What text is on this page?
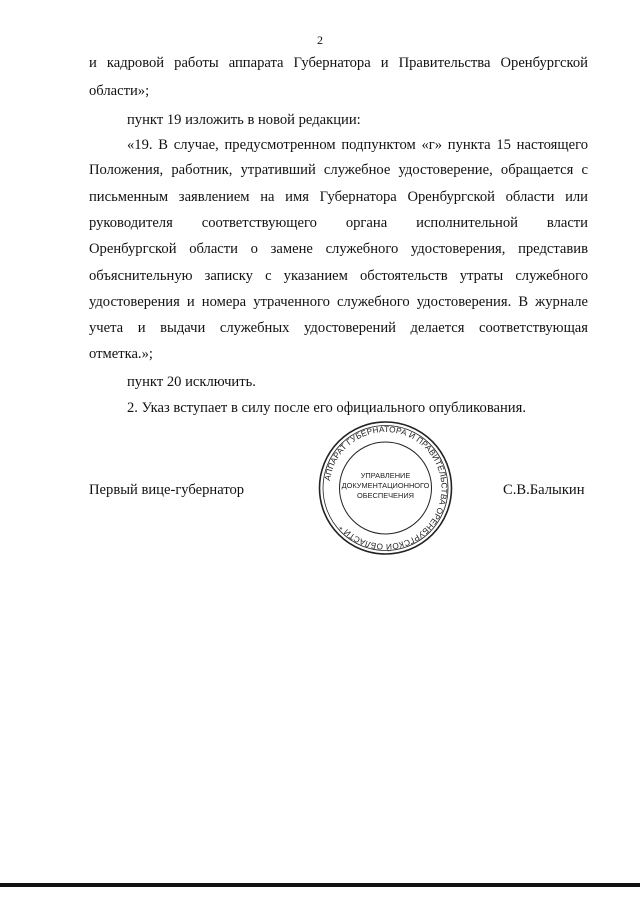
2
и кадровой работы аппарата Губернатора и Правительства Оренбургской
области»;
пункт 19 изложить в новой редакции:
«19. В случае, предусмотренном подпунктом «г» пункта 15 настоящего
Положения, работник, утративший служебное удостоверение, обращается с
письменным заявлением на имя Губернатора Оренбургской области или
руководителя соответствующего органа исполнительной власти
Оренбургской области о замене служебного удостоверения, представив
объяснительную записку с указанием обстоятельств утраты служебного
удостоверения и номера утраченного служебного удостоверения. В журнале
учета и выдачи служебных удостоверений делается соответствующая
отметка.»;
пункт 20 исключить.
2. Указ вступает в силу после его официального опубликования.
Первый вице-губернатор	С.В.Балыкин
АППАРАТ ГУБЕРНАТОРА И ПРАВИТЕЛЬСТВА ОРЕНБУРГСКОЙ ОБЛАСТИ *
УПРАВЛЕНИЕ
ДОКУМЕНТАЦИОННОГО
ОБЕСПЕЧЕНИЯ
